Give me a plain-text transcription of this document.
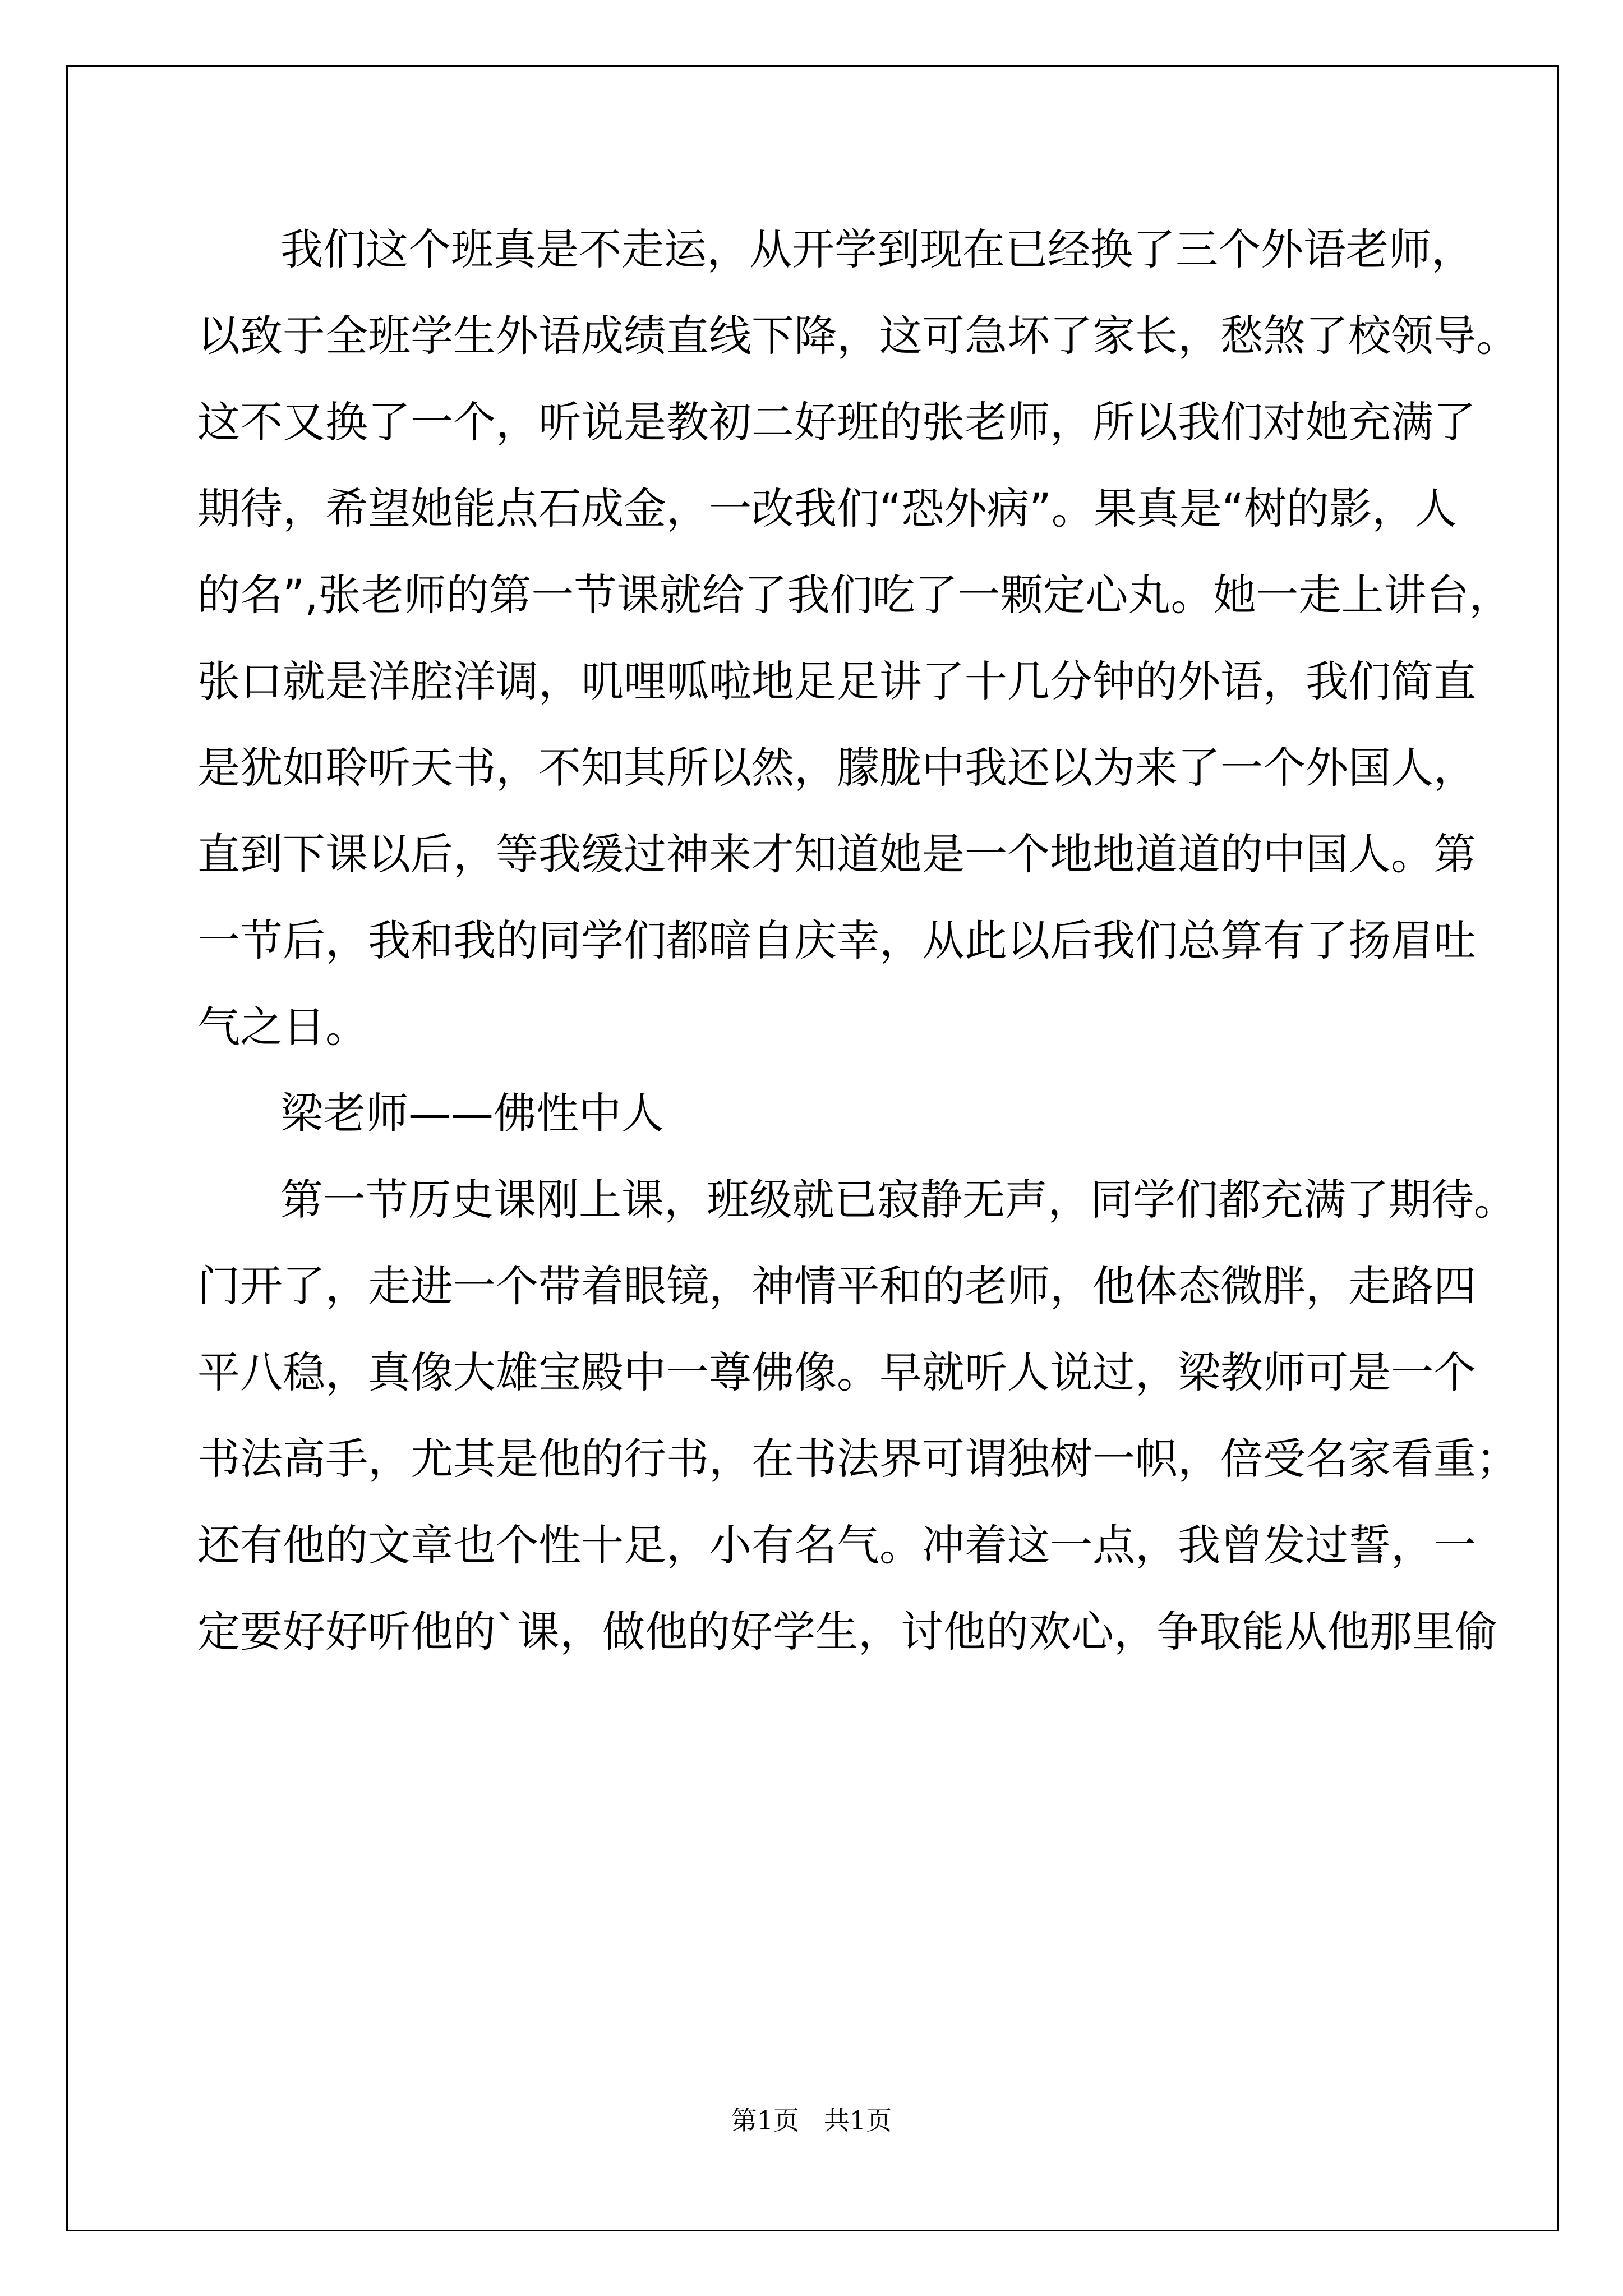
我们这个班真是不走运，从开学到现在已经换了三个外语老师，
以致于全班学生外语成绩直线下降，这可急坏了家长，愁煞了校领导。
这不又换了一个，听说是教初二好班的张老师，所以我们对她充满了
期待，希望她能点石成金，一改我们“恐外病”。果真是“树的影，人
的名”,张老师的第一节课就给了我们吃了一颗定心丸。她一走上讲台，
张口就是洋腔洋调，叽哩呱啦地足足讲了十几分钟的外语，我们简直
是犹如聆听天书，不知其所以然，朦胧中我还以为来了一个外国人，
直到下课以后，等我缓过神来才知道她是一个地地道道的中国人。第
一节后，我和我的同学们都暗自庆幸，从此以后我们总算有了扬眉吐
气之日。
梁老师——佛性中人
第一节历史课刚上课，班级就已寂静无声，同学们都充满了期待。
门开了，走进一个带着眼镜，神情平和的老师，他体态微胖，走路四
平八稳，真像大雄宝殿中一尊佛像。早就听人说过，梁教师可是一个
书法高手，尤其是他的行书，在书法界可谓独树一帜，倍受名家看重；
还有他的文章也个性十足，小有名气。冲着这一点，我曾发过誓，一
定要好好听他的`课，做他的好学生，讨他的欢心，争取能从他那里偷
第1页   共1页
